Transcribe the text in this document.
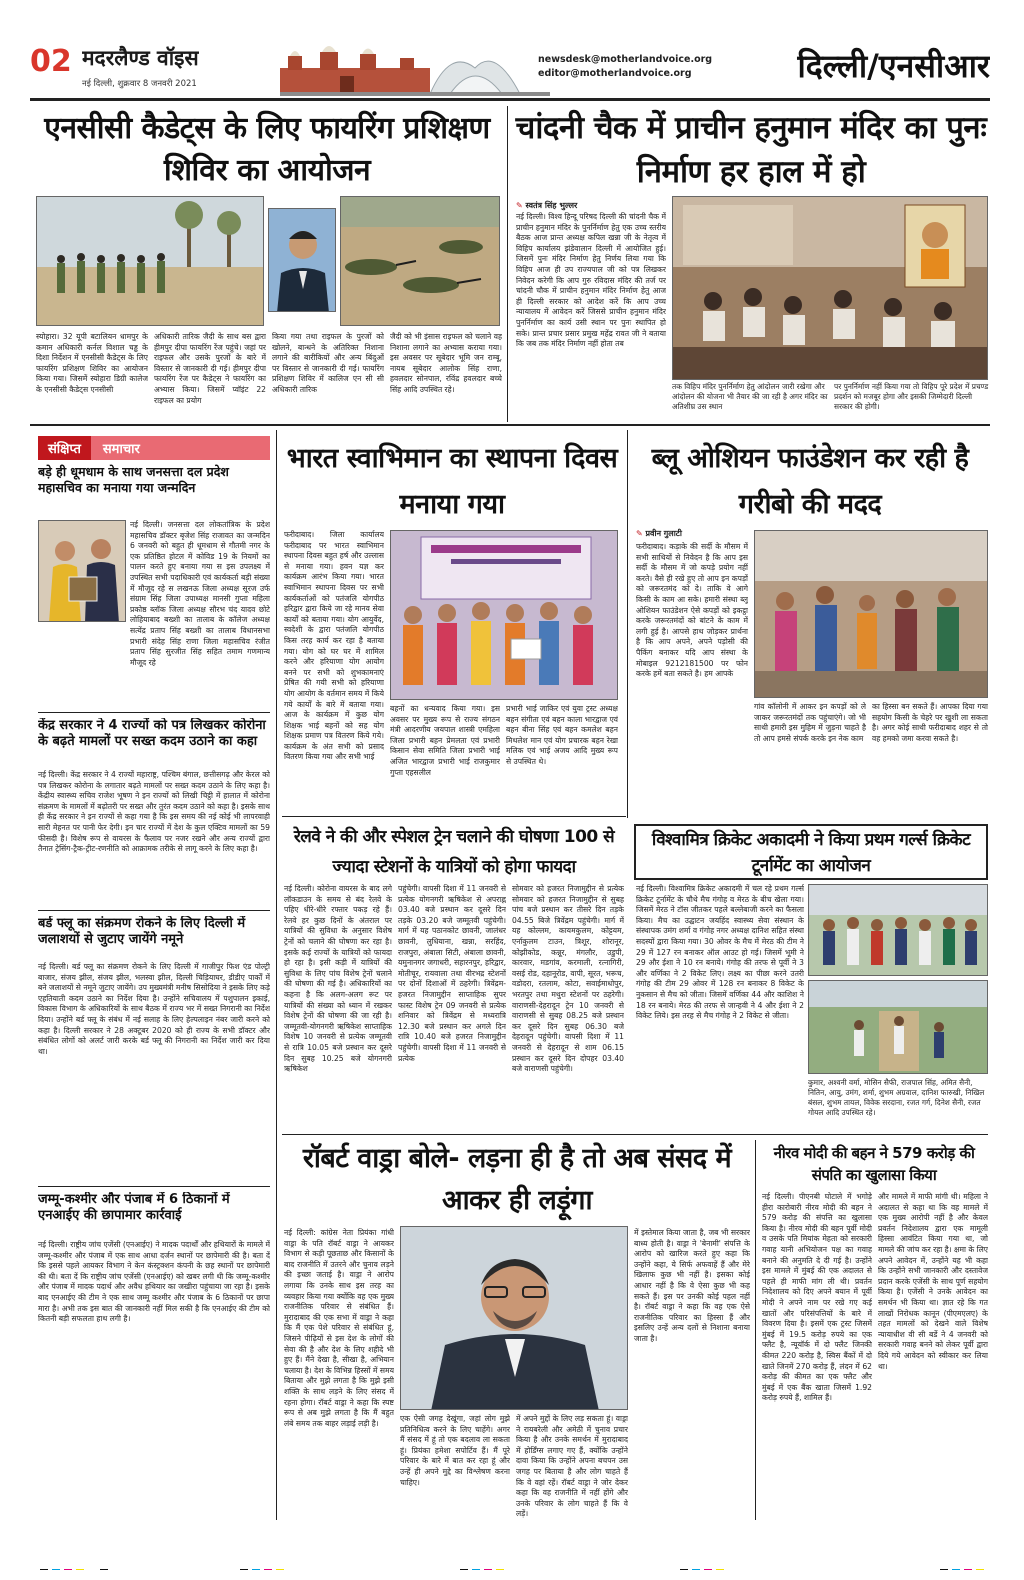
02 मदरलैण्ड वॉइस
नई दिल्ली, शुक्रवार 8 जनवरी 2021
newsdesk@motherlandvoice.org
editor@motherlandvoice.org	दिल्ली/एनसीआर
एनसीसी कैडेट्स के लिए फायरिंग प्रशिक्षण शिविर का आयोजन
स्योहारा। 32 यूपी बटालियन धामपुर के कमान अधिकारी कर्नल विशाल चड्ढ के दिशा निर्देशन में एनसीसी कैडेट्स के लिए फायरिंग प्रशिक्षण शिविर का आयोजन किया गया। जिसमें स्योहारा डिग्री कालेज के एनसीसी कैडेट्स एनसीसी
अधिकारी तारिक जैदी के साथ बस द्वारा हीमपुर दीपा फायरिंग रेंज पहुंचे। जहां पर राइफल और उसके पुरजों के बारे में विस्तार से जानकारी दी गई। हीमपुर दीपा फायरिंग रेंज पर कैडेट्स ने फायरिंग का अभ्यास किया। जिसमें प्वॉइंट 22 राइफल का प्रयोग
किया गया तथा राइफल के पुरजों को खोलने, बान्धने के अतिरिक्त निशाना लगाने की बारीकियों और अन्य बिंदुओं पर विस्तार से जानकारी दी गई। फायरिंग प्रशिक्षण शिविर में कालिज एन सी सी अधिकारी तारिक
जैदी को भी इंसास राइफल को चलाने वह निशाना लगाने का अभ्यास कराया गया। इस अवसर पर सूबेदार भूमि जन राम्बू, नायब सूबेदार आलोक सिंह राणा, हवलदार सोनपाल, रविंद्र हवलदार बच्चे सिंह आदि उपस्थित रहे।
चांदनी चैक में प्राचीन हनुमान मंदिर का पुनः निर्माण हर हाल में हो
✎ स्वतंत्र सिंह भुल्लर
नई दिल्ली। विश्व हिन्दू परिषद दिल्ली की चांदनी चैक में प्राचीन हनुमान मंदिर के पुनर्निर्माण हेतु एक उच्च स्तरीय बैठक आज प्रान्त अध्यक्ष कपिल खन्ना जी के नेतृत्व में विहिप कार्यालय झंडेवालान दिल्ली में आयोजित हुई। जिसमें पुनः मंदिर निर्माण हेतु निर्णय लिया गया कि विहिप आज ही उप राज्यपाल जी को पत्र लिखकर निवेदन करेगी कि आप गुरु रविदास मंदिर की तर्ज पर चांदनी चौक में प्राचीन हनुमान मंदिर निर्माण हेतु आज ही दिल्ली सरकार को आदेश करें कि आप उच्च न्यायालय में आवेदन करें जिससे प्राचीन हनुमान मंदिर पुनर्निर्माण का कार्य उसी स्थान पर पुनः स्थापित हो सके। प्रान्त प्रचार प्रसार प्रमुख महेंद्र रावत जी ने बताया कि जब तक मंदिर निर्माण नहीं होता तब
तक विहिप मंदिर पुनर्निर्माण हेतु आंदोलन जारी रखेगा और आंदोलन की योजना भी तैयार की जा रही है अगर मंदिर का अतिशीघ्र उस स्थान
पर पुनर्निर्माण नहीं किया गया तो विहिप पूरे प्रदेश में प्रचण्ड प्रदर्शन को मजबूर होगा और इसकी जिम्मेदारी दिल्ली सरकार की होगी।
संक्षिप्त	समाचार
बड़े ही धूमधाम के साथ जनसत्ता दल प्रदेश महासचिव का मनाया गया जन्मदिन
नई दिल्ली। जनसत्ता दल लोकतांत्रिक के प्रदेश महासचिव डॉक्टर बृजेश सिंह राजावत का जन्मदिन 6 जनवरी को बहुत ही धूमधाम से गौतमी नगर के एक प्रतिष्ठित होटल में कोविड 19 के नियमों का पालन करते हुए बनाया गया स इस उपलक्ष्य में उपस्थित सभी पदाधिकारी एवं कार्यकर्ता बड़ी संख्या में मौजूद रहे स लखनऊ जिला अध्यक्ष सूरज उर्फ संग्राम सिंह जिला उपाध्यक्ष मानसी गुप्ता महिला प्रकोष्ठ ब्लॉक जिला अध्यक्ष सौरभ चंद यादव छोटे लोहियाबाद बख्शी का तालाब के कॉलेज अध्यक्ष सत्येंद्र प्रताप सिंह बख्शी का तालाब विधानसभा प्रभारी संदेह सिंह राणा जिला महासचिव रंजीत प्रताप सिंह सुरजीत सिंह सहित तमाम गणमान्य मौजूद रहे
केंद्र सरकार ने 4 राज्यों को पत्र लिखकर कोरोना के बढ़ते मामलों पर सख्त कदम उठाने का कहा
नई दिल्ली। केंद्र सरकार ने 4 राज्यों महाराष्ट्र, पश्चिम बंगाल, छत्तीसगढ़ और केरल को पत्र लिखकर कोरोना के लगातार बढ़ते मामलों पर सख्त कदम उठाने के लिए कहा है। केंद्रीय स्वास्थ्य सचिव राजेश भूषण ने इन राज्यों को लिखी चिट्ठी में हालात में कोरोना संक्रमण के मामलों में बढ़ोतरी पर सख्त और तुरंत कदम उठाने को कहा है। इसके साथ ही केंद्र सरकार ने इन राज्यों से कहा गया है कि इस समय की नई कोई भी लापरवाही सारी मेहनत पर पानी फेर देगी। इन चार राज्यों में देश के कुल एक्टिव मामलों का 59 फीसदी है। विशेष रूप से वायरस के फैलाव पर नजर रखने और अन्य राज्यों द्वारा तैनात ट्रेसिंग-ट्रैक-ट्रीट-रणनीति को आक्रामक तरीके से लागू करने के लिए कहा है।
बर्ड फ्लू का संक्रमण रोकने के लिए दिल्ली में जलाशयों से जुटाए जायेंगे नमूने
नई दिल्ली। बर्ड फ्लू का संक्रमण रोकने के लिए दिल्ली में गाजीपुर फिश एंड पोल्ट्री बाजार, संजय झील, संजय झील, भलस्वा झील, दिल्ली चिड़ियाघर, डीडीए पार्कों में बने जलाशयों से नमूने जुटाए जायेंगे। उप मुख्यमंत्री मनीष सिसोदिया ने इसके लिए कड़े एहतियाती कदम उठाने का निर्देश दिया है। उन्होंने सचिवालय में पशुपालन इकाई, विकास विभाग के अधिकारियों के साथ बैठक में राज्य भर में सख्त निगरानी का निर्देश दिया। उन्होंने बर्ड फ्लू के संबंध में नई सलाह के लिए हेल्पलाइन नंबर जारी करने को कहा है। दिल्ली सरकार ने 28 अक्टूबर 2020 को ही राज्य के सभी डॉक्टर और संबंधित लोगों को अलर्ट जारी करके बर्ड फ्लू की निगरानी का निर्देश जारी कर दिया था।
जम्मू-कश्मीर और पंजाब में 6 ठिकानों में एनआईए की छापामार कार्रवाई
नई दिल्ली। राष्ट्रीय जांच एजेंसी (एनआईए) ने मादक पदार्थों और हथियारों के मामले में जम्मू-कश्मीर और पंजाब में एक साथ आधा दर्जन स्थानों पर छापेमारी की है। बता दें कि इससे पहले आयकर विभाग ने केन कंस्ट्रक्शन कंपनी के छह स्थानों पर छापेमारी की थी। बता दें कि राष्ट्रीय जांच एजेंसी (एनआईए) को खबर लगी थी कि जम्मू-कश्मीर और पंजाब में मादक पदार्थ और अवैध हथियार का जखीरा पहुंचाया जा रहा है। इसके बाद एनआईए की टीम ने एक साथ जम्मू कश्मीर और पंजाब के 6 ठिकानों पर छापा मारा है। अभी तक इस बात की जानकारी नहीं मिल सकी है कि एनआईए की टीम को कितनी बड़ी सफलता हाथ लगी है।
भारत स्वाभिमान का स्थापना दिवस मनाया गया
फरीदाबाद। जिला कार्यालय फरीदाबाद पर भारत स्वाभिमान स्थापना दिवस बहुत हर्ष और उल्लास से मनाया गया। हवन यज्ञ कर कार्यक्रम आरंभ किया गया। भारत स्वाभिमान स्थापना दिवस पर सभी कार्यकर्ताओं को पतंजलि योगपीठ हरिद्वार द्वारा किये जा रहे मानव सेवा कार्यों को बताया गया। योग आयुर्वेद, स्वदेशी के द्वारा पतंजलि योगपीठ किस तरह कार्य कर रहा है बताया गया। योग को घर घर में शामिल करने और हरियाणा योग आयोग बनने पर सभी को शुभकामनाएं प्रेषित की गयी सभी को हरियाणा योग आयोग के वर्तमान समय में किये गये कार्यों के बारे में बताया गया। आज के कार्यक्रम में कुछ योग शिक्षक भाई बहनों को सह योग शिक्षक प्रमाण पत्र वितरण किये गये। कार्यक्रम के अंत सभी को प्रसाद वितरण किया गया और सभी भाई
बहनों का धन्यवाद किया गया। इस अवसर पर मुख्य रूप से राज्य संगठन मंत्री आदरणीय जयपाल शास्त्री एमहिला जिला प्रभारी बहन प्रेमलता एवं प्रभारी किसान सेवा समिति जिला प्रभारी भाई अजित भारद्वाज प्रभारी भाई राजकुमार गुप्ता एहसलील
प्रभारी भाई जाकिर एवं युवा ट्रस्ट अध्यक्ष बहन संगीता एवं बहन काला भारद्वाज एवं बहन बीना सिंह एवं बहन कमलेश बहन मिथलेश मान एवं योग प्रचारक बहन रेखा मलिक एवं भाई अजय आदि मुख्य रूप से उपस्थित थे।
ब्लू ओशियन फाउंडेशन कर रही है गरीबो की मदद
✎ प्रवीन गुलाटी
फरीदाबाद। कड़ाके की सर्दी के मौसम में सभी साथियों से निवेदन है कि आप इस सर्दी के मौसम में जो कपड़े प्रयोग नहीं करते। वैसे ही रखे हुए तो आप इन कपड़ों को जरूरतमंद को दे। ताकि वे आगे किसी के काम आ सके। हमारी संस्था ब्लू ओशियन फाउंडेशन ऐसे कपड़ों को इकट्ठा करके जरूरतमंदों को बांटने के काम में लगी हुई है। आपसे हाथ जोड़कर प्रार्थना है कि आप अपने, अपने पड़ोसी की पैकिंग बनाकर यदि आप संस्था के मोबाइल 9212181500 पर फोन करके हमें बता सकते है। हम आपके
गांव कॉलोनी में आकर इन कपड़ों को ले जाकर जरूरतमंदों तक पहुंचाएंगे। जो भी साथी हमारी इस मुहिम में जुड़ना चाहते है तो आप हमसे संपर्क करके इन नेक काम
का हिस्सा बन सकते हैं। आपका दिया गया सहयोग किसी के चेहरे पर खुशी ला सकता है। अगर कोई साथी फरीदाबाद शहर से तो वह हमको जमा करवा सकते है।
रेलवे ने की और स्पेशल ट्रेन चलाने की घोषणा 100 से ज्यादा स्टेशनों के यात्रियों को होगा फायदा
नई दिल्ली। कोरोना वायरस के बाद लगे लॉकडाउन के समय से बंद रेलवे के पहिए धीरे-धीरे रफ्तार पकड़ रहे हैं। रेलवे हर कुछ दिनों के अंतराल पर यात्रियों की सुविधा के अनुसार विशेष ट्रेनों को चलाने की घोषणा कर रहा है। इसके कई राज्यों के यात्रियों को फायदा हो रहा है। इसी कड़ी में यात्रियों की सुविधा के लिए पांच विशेष ट्रेनों चलाने की घोषणा की गई है। अधिकारियों का कहना है कि अलग-अलग रूट पर यात्रियों की संख्या को ध्यान में रखकर विशेष ट्रेनों की घोषणा की जा रही है। जम्मूतवी-योगनगरी ऋषिकेश साप्ताहिक विशेष 10 जनवरी से प्रत्येक जम्मूतवी से रात्रि 10.05 बजे प्रस्थान कर दूसरे दिन सुबह 10.25 बजे योगनगरी ऋषिकेश
पहुंचेगी। वापसी दिशा में 11 जनवरी से प्रत्येक योगनगरी ऋषिकेश से अपराह्न 03.40 बजे प्रस्थान कर दूसरे दिन तड़के 03.20 बजे जम्मूतवी पहुंचेगी। मार्ग में यह पठानकोट छावनी, जालंधर छावनी, लुधियाना, खन्ना, सरहिंद, राजपुरा, अंबाला सिटी, अंबाला छावनी, यमुनानगर जगाधरी, सहारनपुर, हरिद्वार, मोतीचूर, रायवाला तथा वीरभद्र स्टेशनों पर दोनों दिशाओं में ठहरेगी। त्रिवेंद्रम-हजरत निजामुद्दीन साप्ताहिक सुपर फास्ट विशेष ट्रेन 09 जनवरी से प्रत्येक शनिवार को त्रिवेंद्रम से मध्यरात्रि 12.30 बजे प्रस्थान कर अगले दिन रात्रि 10.40 बजे हजरत निजामुद्दीन पहुंचेगी। वापसी दिशा में 11 जनवरी से प्रत्येक
सोमवार को हजरत निजामुद्दीन से प्रत्येक सोमवार को हजरत निजामुद्दीन से सुबह पांच बजे प्रस्थान कर तीसरे दिन तड़के 04.55 बिजे त्रिवेंद्रम पहुंचेगी। मार्ग में यह कोल्लम, कायमकुलम, कोट्टयम, एर्नाकुलम टाउन, त्रिशूर, शोरानूर, कोझीकोड, कन्नूर, मंगलौर, उडुपी, कारवार, मडगांव, करमाली, रत्नागिरी, वसई रोड, दहानूरोड, वापी, सूरत, भरूच, वडोदरा, रतलाम, कोटा, सवाईमाधोपुर, भरतपुर तथा मथुरा स्टेशनों पर ठहरेगी। वाराणसी-देहरादून ट्रेन 10 जनवरी से वाराणसी से सुबह 08.25 बजे प्रस्थान कर दूसरे दिन सुबह 06.30 बजे देहरादून पहुंचेगी। वापसी दिशा में 11 जनवरी से देहरादून से शाम 06.15 प्रस्थान कर दूसरे दिन दोपहर 03.40 बजे वाराणसी पहुंचेगी।
विश्वामित्र क्रिकेट अकादमी ने किया प्रथम गर्ल्स क्रिकेट टूर्नामेंट का आयोजन
नई दिल्ली। विश्वामित्र क्रिकेट अकादमी में चल रहे प्रथम गर्ल्स क्रिकेट टूर्नामेंट के चौथे मैच गंगोह व मेरठ के बीच खेला गया। जिसमें मेरठ ने टॉस जीतकर पहले बल्लेबाजी करने का फैसला किया। मैच का उद्घाटन जयहिंद स्वास्थ्य सेवा संस्थान के संस्थापक उमंग शर्मा व गंगोह नगर अध्यक्ष दानिश सहित संस्था सदस्यों द्वारा किया गया। 30 ओवर के मैच में मेरठ की टीम ने 29 में 127 रन बनाकर ऑल आउट हो गई। जिसमें भूमी ने 29 और ईशा ने 10 रन बनाये। गंगोह की तरफ से पूर्वी ने 3 और वर्णिका ने 2 विकेट लिए। लक्ष्य का पीछा करने उतरी गंगोह की टीम 29 ओवर में 128 रन बनाकर 8 विकेट के नुकसान से मैच को जीता। जिसमें वर्णिका 44 और काशिश ने 18 रन बनाये। मेरठ की तरफ से जान्हवी ने 4 और ईशा ने 2 विकेट लिये। इस तरह से मैच गंगोह ने 2 विकेट से जीता।
कुमार, अश्वनी वर्मा, मोसिन सैफी, राजपाल सिंह, अमित सैनी, नितिन, आयु, उमंग, शर्मा, शुभम अग्रवाल, दानिश फारुखी, निखिल बंसल, शुभम तायल, विवेक सरदाना, रजत गर्ग, दिनेश सैनी, रजत गोयल आदि उपस्थित रहे।
रॉबर्ट वाड्रा बोले- लड़ना ही है तो अब संसद में आकर ही लड़ूंगा
नई दिल्ली: कांग्रेस नेता प्रियंका गांधी वाड्रा के पति रॉबर्ट वाड्रा ने आयकर विभाग से कड़ी पूछताछ और किसानों के बाद राजनीति में उतरने और चुनाव लड़ने की इच्छा जताई है। वाड्रा ने आरोप लगाया कि उनके साथ इस तरह का व्यवहार किया गया क्योंकि वह एक मुख्य राजनीतिक परिवार से संबंधित हैं। मुरादाबाद की एक सभा में वाड्रा ने कहा कि मैं एक पेशे परिवार से संबंधित हूं, जिसने पीढ़ियों से इस देश के लोगों की सेवा की है और देश के लिए शहीदे भी हुए हैं। मैंने देखा है, सीखा है, अभियान चलाया है। देश के विभिन्न हिस्सों में समय बिताया और मुझे लगता है कि मुझे इसी शक्ति के साथ लड़ने के लिए संसद में रहना होगा। रॉबर्ट वाड्रा ने कहा कि स्पष्ट रूप से अब मुझे लगता है कि मैं बहुत लंबे समय तक बाहर लड़ाई लड़ी है।
एक ऐसी जगह देखूंगा, जहां लोग मुझे प्रतिनिधित्व करने के लिए चाहेंगे। अगर मैं संसद में हूं तो एक बदलाव ला सकता हूं। प्रियंका हमेशा सपोर्टिव हैं। मैं पूरे परिवार के बारे में बात कर रहा हूं और उन्हें ही अपने मुद्दे का विश्लेषण करना चाहिए।
में अपने मुद्दों के लिए लड़ सकता हूं। वाड्रा ने रायबरेली और अमेठी में चुनाव प्रचार किया है और उनके समर्थन में मुरादाबाद में होर्डिंग्स लगाए गए हैं, क्योंकि उन्होंने दावा किया कि उन्होंने अपना बचपन उस जगह पर बिताया है और लोग चाहते हैं कि वे वहां रहें। रॉबर्ट वाड्रा ने जोर देकर कहा कि वह राजनीति में नहीं होंगे और उनके परिवार के लोग चाहते हैं कि वे लड़ें।
में इस्तेमाल किया जाता है, जब भी सरकार बाध्य होती है। वाड्रा ने 'बेनामी' संपत्ति के आरोप को खारिज करते हुए कहा कि उन्होंने कहा, ये सिर्फ अफवाहें हैं और मेरे खिलाफ कुछ भी नहीं है। इसका कोई आधार नहीं है कि वे ऐसा कुछ भी कह सकते हैं। इस पर उनकी कोई पहल नहीं है। रॉबर्ट वाड्रा ने कहा कि वह एक ऐसे राजनीतिक परिवार का हिस्सा हैं और इसलिए उन्हें अन्य दलों से निशाना बनाया जाता है।
नीरव मोदी की बहन ने 579 करोड़ की संपति का खुलासा किया
नई दिल्ली। पीएनबी घोटाले में भगोड़े हीरा कारोबारी नीरव मोदी की बहन ने 579 करोड़ की संपत्ति का खुलासा किया है। नीरव मोदी की बहन पूर्वी मोदी व उसके पति मियांक मेहता को सरकारी गवाह यानी अभियोजन पक्ष का गवाह बनाने की अनुमति दे दी गई है। उन्होंने इस मामले में मुंबई की एक अदालत से पहले ही माफी मांग ली थी। प्रवर्तन निदेशालय को दिए अपने बयान में पूर्वी मोदी ने अपने नाम पर रखे गए कई खातों और परिसंपत्तियों के बारे में विवरण दिया है। इसमें एक ट्रस्ट जिसमें मुंबई में 19.5 करोड़ रुपये का एक फ्लैट है, न्यूयॉर्क में दो फ्लैट जिनकी कीमत 220 करोड़ है, स्विस बैंकों में दो खाते जिनमें 270 करोड़ हैं, लंदन में 62 करोड़ की कीमत का एक फ्लैट और मुंबई में एक बैंक खाता जिसमें 1.92 करोड़ रुपये हैं, शामिल हैं।
और मामले में माफी मांगी थी। महिला ने अदालत से कहा था कि वह मामले में एक मुख्य आरोपी नहीं है और केवल प्रवर्तन निदेशालय द्वारा एक मामूली हिस्सा आवंटित किया गया था, जो मामले की जांच कर रहा है। क्षमा के लिए अपने आवेदन में, उन्होंने यह भी कहा कि उन्होंने सभी जानकारी और दस्तावेज प्रदान करके एजेंसी के साथ पूर्ण सहयोग किया है। एजेंसी ने उनके आवेदन का समर्थन भी किया था। ज्ञात रहे कि गत लाखों निरोधक कानून (पीएमएलए) के तहत मामलों को देखने वाले विशेष न्यायाधीश वी सी बर्डे ने 4 जनवरी को सरकारी गवाह बनने को लेकर पूर्वी द्वारा दिये गये आवेदन को स्वीकार कर लिया था।
